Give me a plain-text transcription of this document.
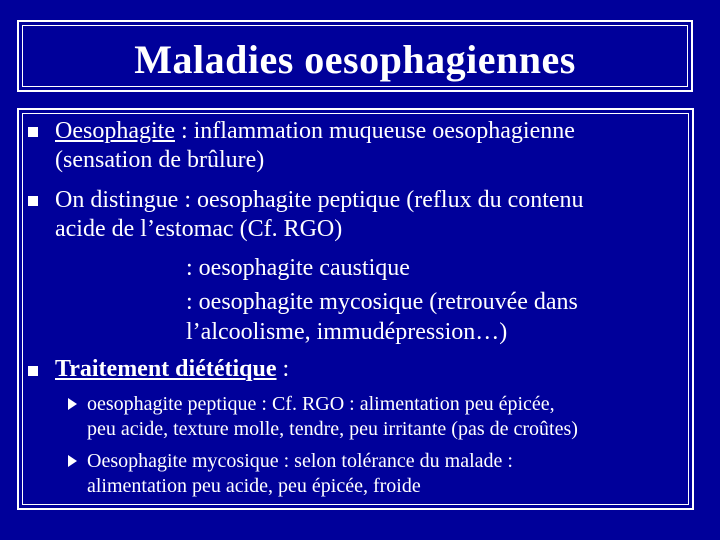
Maladies oesophagiennes
Oesophagite : inflammation muqueuse oesophagienne
(sensation de brûlure)
On distingue : oesophagite peptique (reflux du contenu
acide de l’estomac (Cf. RGO)
: oesophagite caustique
: oesophagite mycosique (retrouvée dans
l’alcoolisme, immudépression…)
Traitement diététique :
oesophagite peptique : Cf. RGO : alimentation peu épicée,
peu acide, texture molle, tendre, peu irritante (pas de croûtes)
Oesophagite mycosique : selon tolérance du malade :
alimentation peu acide, peu épicée, froide
